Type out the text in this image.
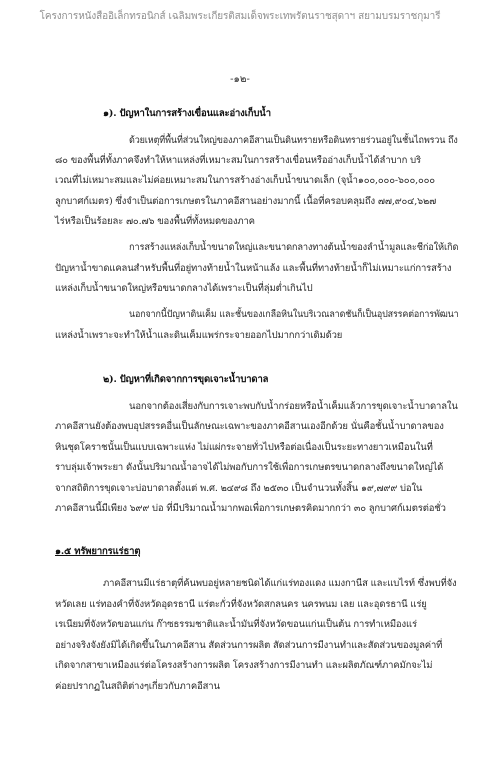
โครงการหนังสืออิเล็กทรอนิกส์ เฉลิมพระเกียรติสมเด็จพระเทพรัตนราชสุดาฯ สยามบรมราชกุมารี
-๑๒-
๑). ปัญหาในการสร้างเขื่อนและอ่างเก็บน้ำ
ด้วยเหตุที่พื้นที่ส่วนใหญ่ของภาคอีสานเป็นดินทรายหรือดินทรายร่วนอยู่ในชั้นไถพรวน ถึง
๘๐ ของพื้นที่ทั้งภาคจึงทำให้หาแหล่งที่เหมาะสมในการสร้างเขื่อนหรืออ่างเก็บน้ำได้ลำบาก บริ
เวณที่ไม่เหมาะสมและไม่ค่อยเหมาะสมในการสร้างอ่างเก็บน้ำขนาดเล็ก (จุน้ำ๑๐๐,๐๐๐-๖๐๐,๐๐๐
ลูกบาศก์เมตร) ซึ่งจำเป็นต่อการเกษตรในภาคอีสานอย่างมากนี้ เนื้อที่ครอบคลุมถึง ๗๗,๙๐๔,๖๒๗
ไร่หรือเป็นร้อยละ ๗๐.๗๖ ของพื้นที่ทั้งหมดของภาค
การสร้างแหล่งเก็บน้ำขนาดใหญ่และขนาดกลางทางต้นน้ำของลำน้ำมูลและชีก่อให้เกิด
ปัญหาน้ำขาดแคลนสำหรับพื้นที่อยู่ทางท้ายน้ำในหน้าแล้ง และพื้นที่ทางท้ายน้ำก็ไม่เหมาะแก่การสร้าง
แหล่งเก็บน้ำขนาดใหญ่หรือขนาดกลางได้เพราะเป็นที่ลุ่มต่ำเกินไป
นอกจากนี้ปัญหาดินเค็ม และชั้นของเกลือหินในบริเวณลาดชันก็เป็นอุปสรรคต่อการพัฒนา
แหล่งน้ำเพราะจะทำให้น้ำและดินเค็มแพร่กระจายออกไปมากกว่าเดิมด้วย
๒). ปัญหาที่เกิดจากการขุดเจาะน้ำบาดาล
นอกจากต้องเสี่ยงกับการเจาะพบกับน้ำกร่อยหรือน้ำเค็มแล้วการขุดเจาะน้ำบาดาลใน
ภาคอีสานยังต้องพบอุปสรรคอื่นเป็นลักษณะเฉพาะของภาคอีสานเองอีกด้วย นั่นคือชั้นน้ำบาดาลของ
หินชุดโคราชนั้นเป็นแบบเฉพาะแห่ง ไม่แผ่กระจายทั่วไปหรือต่อเนื่องเป็นระยะทางยาวเหมือนในที่
ราบลุ่มเจ้าพระยา ดังนั้นปริมาณน้ำอาจได้ไม่พอกับการใช้เพื่อการเกษตรขนาดกลางถึงขนาดใหญ่ได้
จากสถิติการขุดเจาะบ่อบาดาลตั้งแต่ พ.ศ. ๒๔๙๘ ถึง ๒๕๓๐ เป็นจำนวนทั้งสิ้น ๑๙,๗๙๙ บ่อใน
ภาคอีสานนี้มีเพียง ๖๙๙ บ่อ ที่มีปริมาณน้ำมากพอเพื่อการเกษตรคิดมากกว่า ๓๐ ลูกบาศก์เมตรต่อชั่ว
๑.๕ ทรัพยากรแร่ธาตุ
ภาคอีสานมีแร่ธาตุที่ค้นพบอยู่หลายชนิดได้แก่แร่ทองแดง แมงกานีส และแบไรท์ ซึ่งพบที่จัง
หวัดเลย แร่ทองคำที่จังหวัดอุดรธานี แร่ตะกั่วที่จังหวัดสกลนคร นครพนม เลย และอุดรธานี แร่ยู
เรเนียมที่จังหวัดขอนแก่น ก๊าซธรรมชาติและน้ำมันที่จังหวัดขอนแก่นเป็นต้น การทำเหมืองแร่
อย่างจริงจังยังมิได้เกิดขึ้นในภาคอีสาน สัดส่วนการผลิต สัดส่วนการมีงานทำและสัดส่วนของมูลค่าที่
เกิดจากสาขาเหมืองแร่ต่อโครงสร้างการผลิต โครงสร้างการมีงานทำ และผลิตภัณฑ์ภาคมักจะไม่
ค่อยปรากฏในสถิติต่างๆเกี่ยวกับภาคอีสาน
